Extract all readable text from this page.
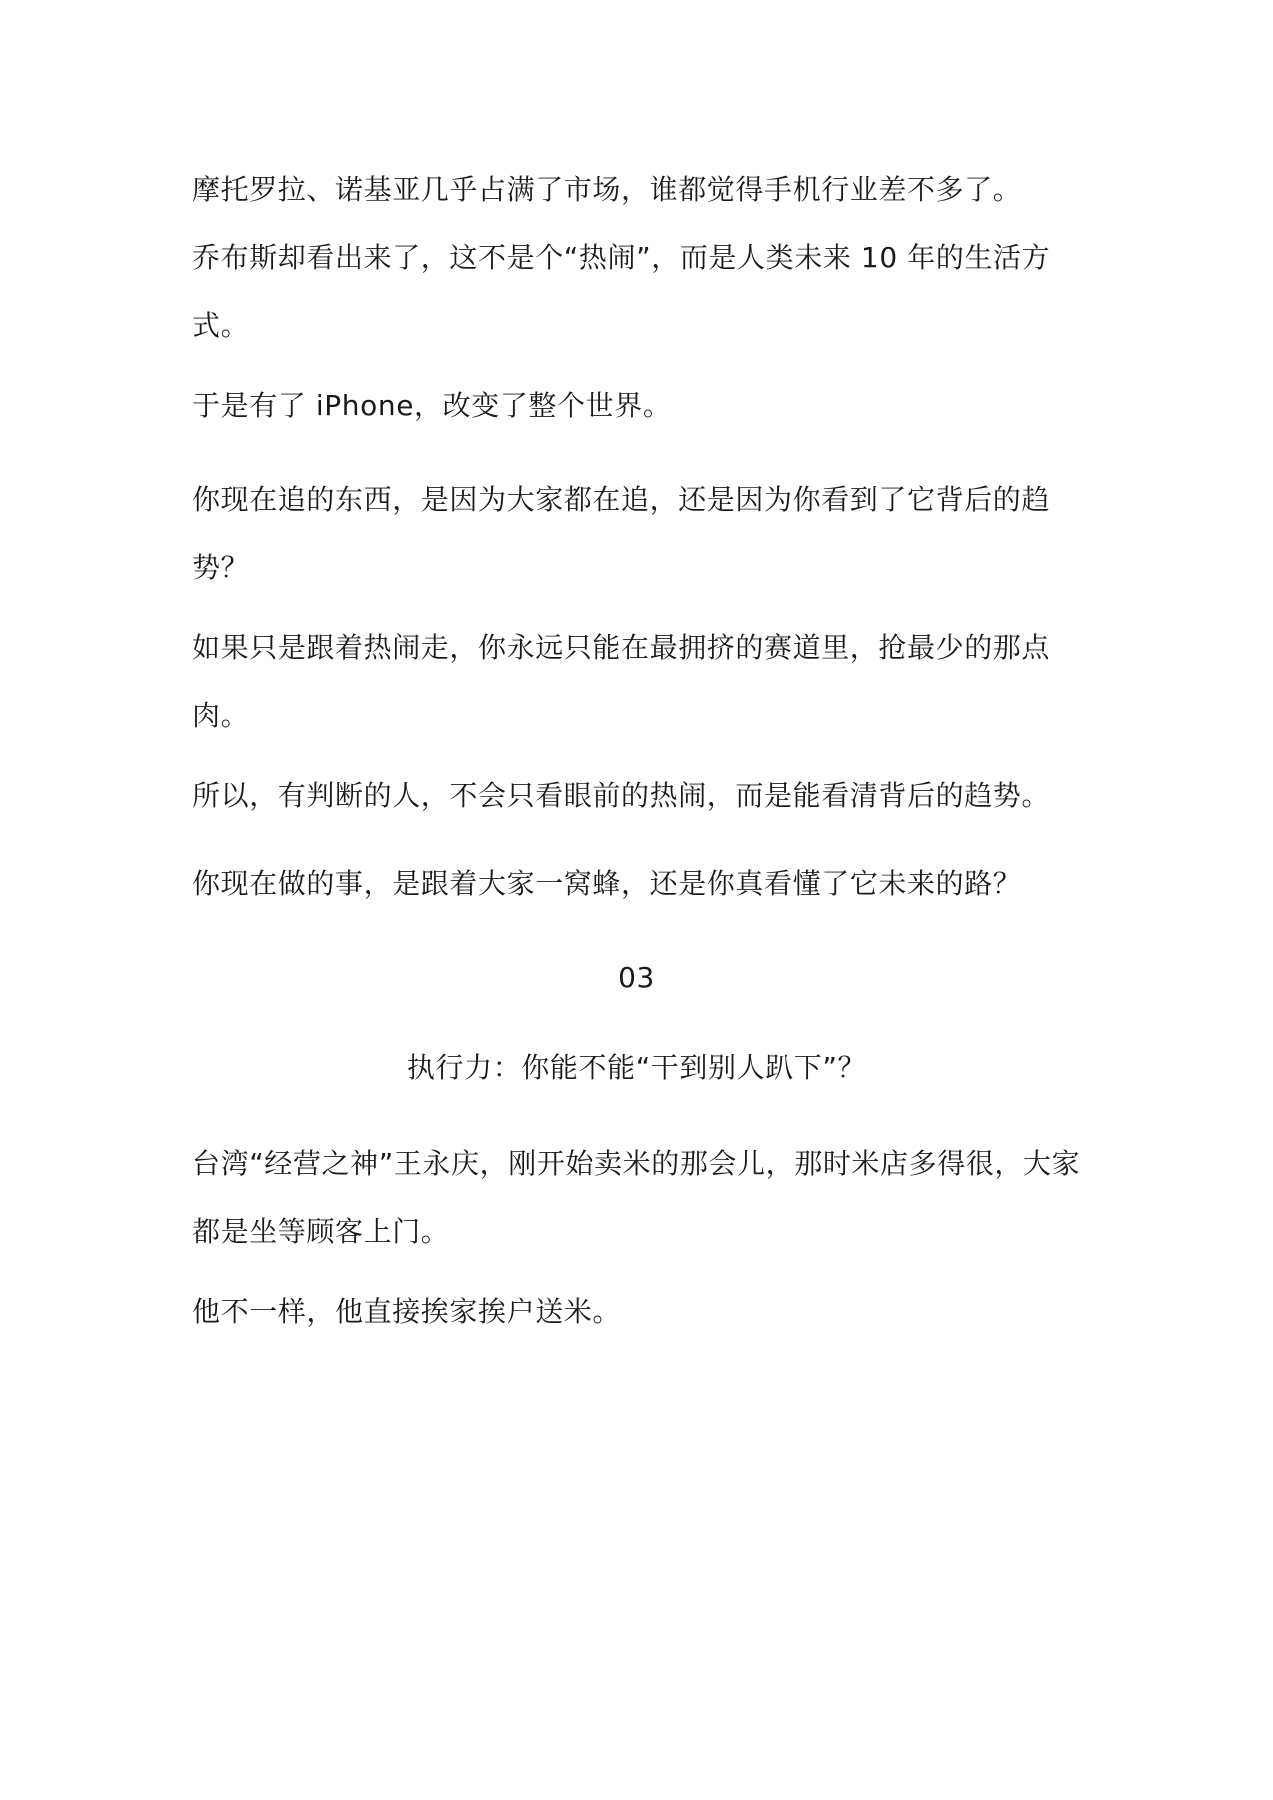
摩托罗拉、诺基亚几乎占满了市场，谁都觉得手机行业差不多了。

乔布斯却看出来了，这不是个“热闹”，而是人类未来 10 年的生活方式。

于是有了 iPhone，改变了整个世界。

你现在追的东西，是因为大家都在追，还是因为你看到了它背后的趋势？

如果只是跟着热闹走，你永远只能在最拥挤的赛道里，抢最少的那点肉。

所以，有判断的人，不会只看眼前的热闹，而是能看清背后的趋势。

你现在做的事，是跟着大家一窝蜂，还是你真看懂了它未来的路？

03

执行力：你能不能“干到别人趴下”？

台湾“经营之神”王永庆，刚开始卖米的那会儿，那时米店多得很，大家都是坐等顾客上门。

他不一样，他直接挨家挨户送米。
